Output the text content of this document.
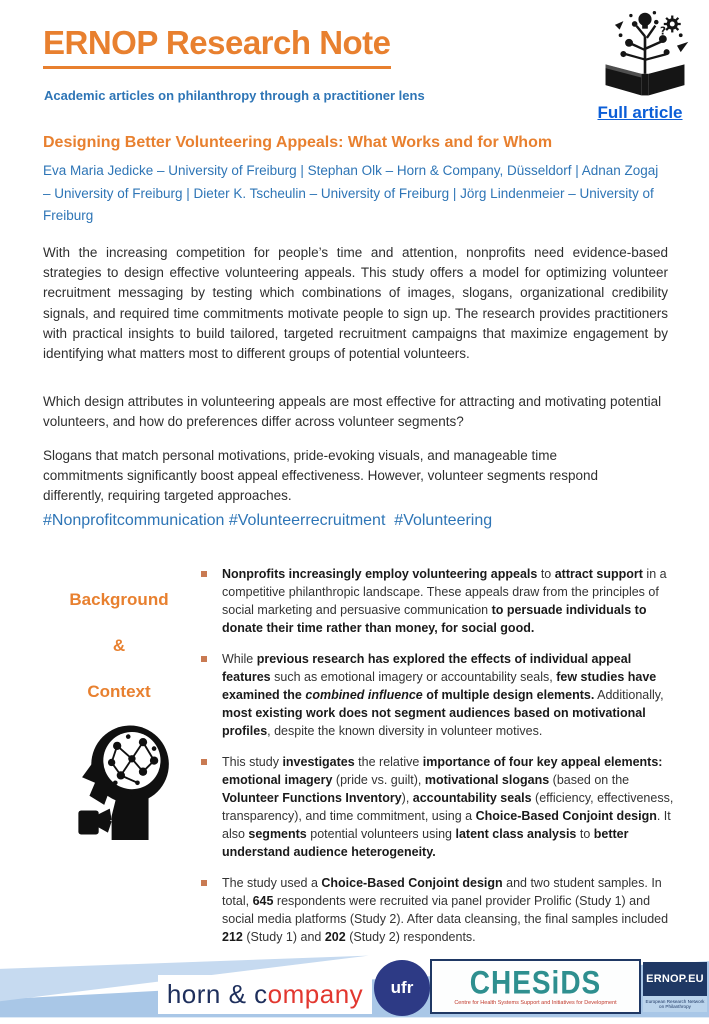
ERNOP Research Note
Academic articles on philanthropy through a practitioner lens
?
Full article
Designing Better Volunteering Appeals: What Works and for Whom
Eva Maria Jedicke – University of Freiburg | Stephan Olk – Horn & Company, Düsseldorf | Adnan Zogaj – University of Freiburg | Dieter K. Tscheulin – University of Freiburg | Jörg Lindenmeier – University of Freiburg
With the increasing competition for people’s time and attention, nonprofits need evidence-based strategies to design effective volunteering appeals. This study offers a model for optimizing volunteer recruitment messaging by testing which combinations of images, slogans, organizational credibility signals, and required time commitments motivate people to sign up. The research provides practitioners with practical insights to build tailored, targeted recruitment campaigns that maximize engagement by identifying what matters most to different groups of potential volunteers.
Which design attributes in volunteering appeals are most effective for attracting and motivating potential volunteers, and how do preferences differ across volunteer segments?
Slogans that match personal motivations, pride-evoking visuals, and manageable time commitments significantly boost appeal effectiveness. However, volunteer segments respond differently, requiring targeted approaches.
#Nonprofitcommunication #Volunteerrecruitment  #Volunteering
Background
&
Context
Nonprofits increasingly employ volunteering appeals to attract support in a competitive philanthropic landscape. These appeals draw from the principles of social marketing and persuasive communication to persuade individuals to donate their time rather than money, for social good.
While previous research has explored the effects of individual appeal features such as emotional imagery or accountability seals, few studies have examined the combined influence of multiple design elements. Additionally, most existing work does not segment audiences based on motivational profiles, despite the known diversity in volunteer motives.
This study investigates the relative importance of four key appeal elements: emotional imagery (pride vs. guilt), motivational slogans (based on the Volunteer Functions Inventory), accountability seals (efficiency, effectiveness, transparency), and time commitment, using a Choice-Based Conjoint design. It also segments potential volunteers using latent class analysis to better understand audience heterogeneity.
The study used a Choice-Based Conjoint design and two student samples. In total, 645 respondents were recruited via panel provider Prolific (Study 1) and social media platforms (Study 2). After data cleansing, the final samples included 212 (Study 1) and 202 (Study 2) respondents.
horn & c ompany ufr CHESiDS
Centre for Health Systems Support and Initiatives for Development
ERNOP.EU
European Research Network on Philanthropy
